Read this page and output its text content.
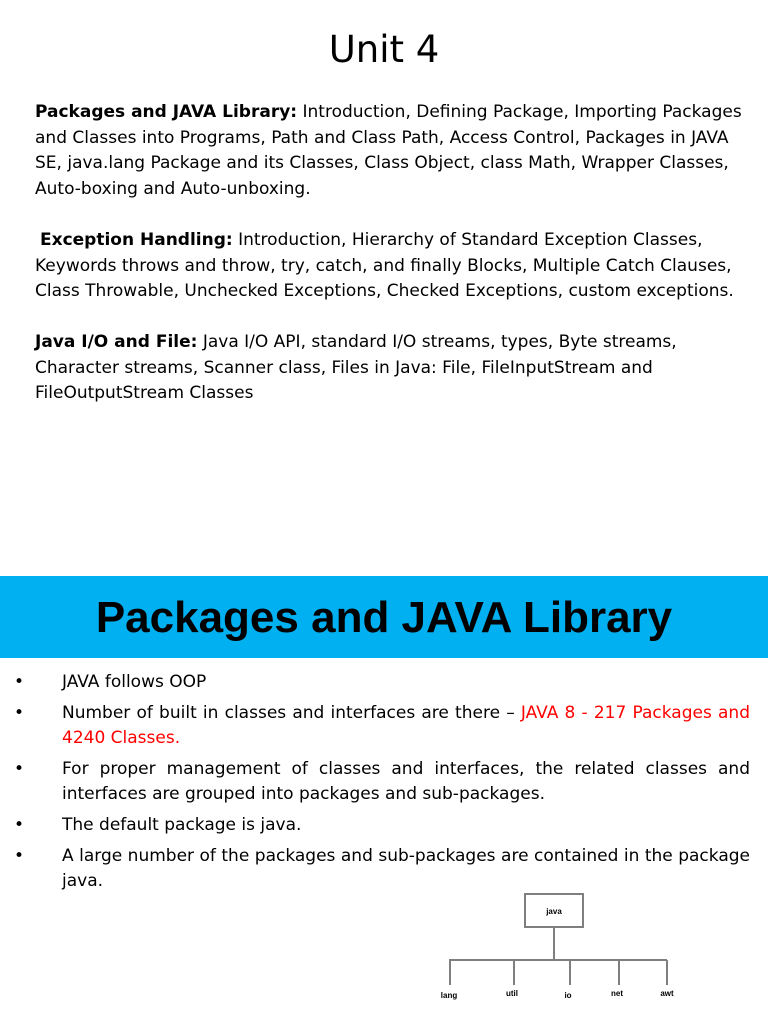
Unit 4

Packages and JAVA Library: Introduction, Defining Package, Importing Packages and Classes into Programs, Path and Class Path, Access Control, Packages in JAVA SE, java.lang Package and its Classes, Class Object, class Math, Wrapper Classes, Auto-boxing and Auto-unboxing.

Exception Handling: Introduction, Hierarchy of Standard Exception Classes, Keywords throws and throw, try, catch, and finally Blocks, Multiple Catch Clauses, Class Throwable, Unchecked Exceptions, Checked Exceptions, custom exceptions.

Java I/O and File: Java I/O API, standard I/O streams, types, Byte streams, Character streams, Scanner class, Files in Java: File, FileInputStream and FileOutputStream Classes

Packages and JAVA Library
• JAVA follows OOP
• Number of built in classes and interfaces are there – JAVA 8 - 217 Packages and 4240 Classes.
• For proper management of classes and interfaces, the related classes and interfaces are grouped into packages and sub-packages.
• The default package is java.
• A large number of the packages and sub-packages are contained in the package java.
java
lang	util	io	net	awt
